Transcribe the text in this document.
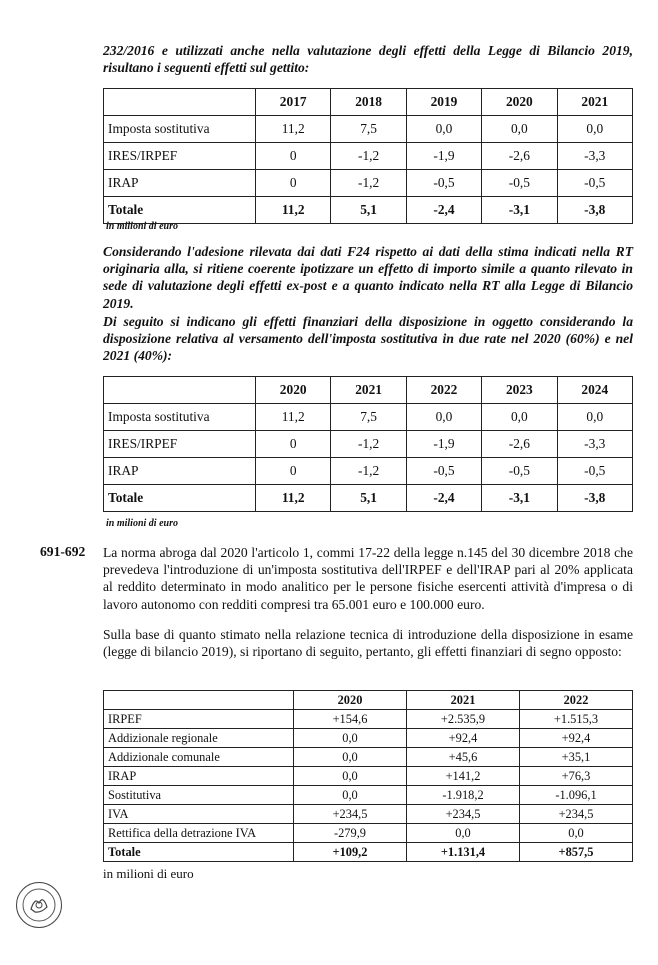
232/2016 e utilizzati anche nella valutazione degli effetti della Legge di Bilancio 2019, risultano i seguenti effetti sul gettito:
	2017	2018	2019	2020	2021
Imposta sostitutiva	11,2	7,5	0,0	0,0	0,0
IRES/IRPEF	0	-1,2	-1,9	-2,6	-3,3
IRAP	0	-1,2	-0,5	-0,5	-0,5
Totale	11,2	5,1	-2,4	-3,1	-3,8
in milioni di euro
Considerando l'adesione rilevata dai dati F24 rispetto ai dati della stima indicati nella RT originaria alla, si ritiene coerente ipotizzare un effetto di importo simile a quanto rilevato in sede di valutazione degli effetti ex-post e a quanto indicato nella RT alla Legge di Bilancio 2019.
Di seguito si indicano gli effetti finanziari della disposizione in oggetto considerando la disposizione relativa al versamento dell'imposta sostitutiva in due rate nel 2020 (60%) e nel 2021 (40%):
	2020	2021	2022	2023	2024
Imposta sostitutiva	11,2	7,5	0,0	0,0	0,0
IRES/IRPEF	0	-1,2	-1,9	-2,6	-3,3
IRAP	0	-1,2	-0,5	-0,5	-0,5
Totale	11,2	5,1	-2,4	-3,1	-3,8
in milioni di euro
691-692 La norma abroga dal 2020 l'articolo 1, commi 17-22 della legge n.145 del 30 dicembre 2018 che prevedeva l'introduzione di un'imposta sostitutiva dell'IRPEF e dell'IRAP pari al 20% applicata al reddito determinato in modo analitico per le persone fisiche esercenti attività d'impresa o di lavoro autonomo con redditi compresi tra 65.001 euro e 100.000 euro.
Sulla base di quanto stimato nella relazione tecnica di introduzione della disposizione in esame (legge di bilancio 2019), si riportano di seguito, pertanto, gli effetti finanziari di segno opposto:
	2020	2021	2022
IRPEF	+154,6	+2.535,9	+1.515,3
Addizionale regionale	0,0	+92,4	+92,4
Addizionale comunale	0,0	+45,6	+35,1
IRAP	0,0	+141,2	+76,3
Sostitutiva	0,0	-1.918,2	-1.096,1
IVA	+234,5	+234,5	+234,5
Rettifica della detrazione IVA	-279,9	0,0	0,0
Totale	+109,2	+1.131,4	+857,5
in milioni di euro
